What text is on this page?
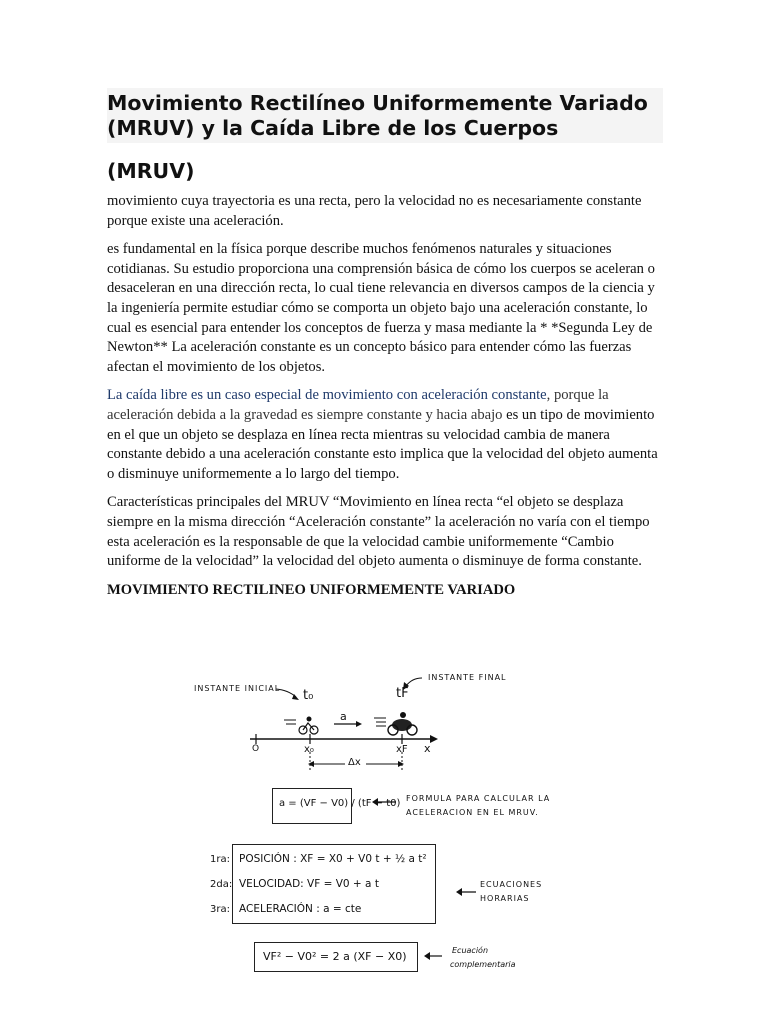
Movimiento Rectilíneo Uniformemente Variado
(MRUV) y la Caída Libre de los Cuerpos
(MRUV)

movimiento cuya trayectoria es una recta, pero la velocidad no es necesariamente constante porque existe una aceleración.

es fundamental en la física porque describe muchos fenómenos naturales y situaciones cotidianas. Su estudio proporciona una comprensión básica de cómo los cuerpos se aceleran o desaceleran en una dirección recta, lo cual tiene relevancia en diversos campos de la ciencia y la ingeniería permite estudiar cómo se comporta un objeto bajo una aceleración constante, lo cual es esencial para entender los conceptos de fuerza y masa mediante la * *Segunda Ley de Newton** La aceleración constante es un concepto básico para entender cómo las fuerzas afectan el movimiento de los objetos.

La caída libre es un caso especial de movimiento con aceleración constante, porque la aceleración debida a la gravedad es siempre constante y hacia abajo es un tipo de movimiento en el que un objeto se desplaza en línea recta mientras su velocidad cambia de manera constante debido a una aceleración constante esto implica que la velocidad del objeto aumenta o disminuye uniformemente a lo largo del tiempo.

Características principales del MRUV “Movimiento en línea recta “el objeto se desplaza siempre en la misma dirección “Aceleración constante” la aceleración no varía con el tiempo esta aceleración es la responsable de que la velocidad cambie uniformemente “Cambio uniforme de la velocidad” la velocidad del objeto aumenta o disminuye de forma constante.

MOVIMIENTO RECTILINEO UNIFORMEMENTE VARIADO
INSTANTE INICIAL
INSTANTE FINAL
t₀	tF
a
O	x₀	xF x
Δx
a = (VF − V0) / (tF − t0) FORMULA PARA CALCULAR LA
ACELERACION EN EL MRUV.
1ra:
2da:
3ra:
POSICIÓN : XF = X0 + V0 t + ½ a t²
VELOCIDAD: VF = V0 + a t
ACELERACIÓN : a = cte
ECUACIONES
HORARIAS
VF² − V0² = 2 a (XF − X0)	Ecuación
complementaria
